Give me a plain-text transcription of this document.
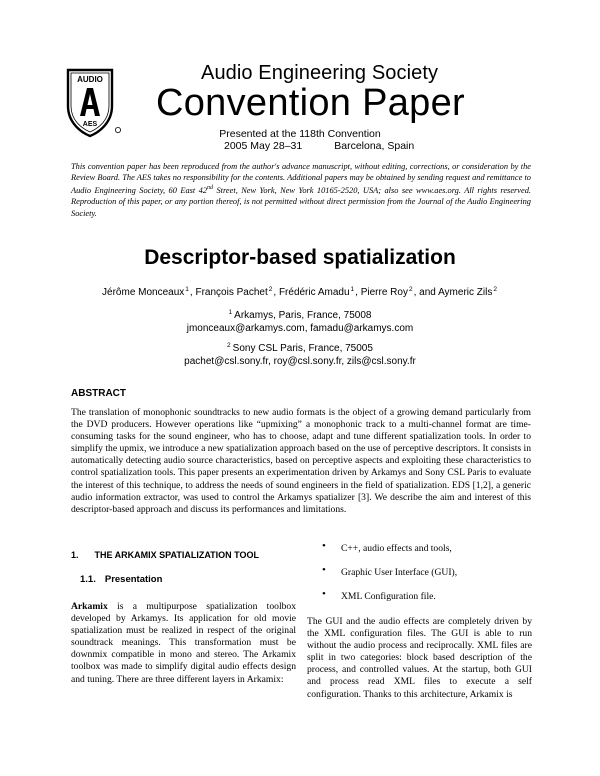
AUDIO
AES
Audio Engineering Society
Convention Paper
Presented at the 118th Convention
2005 May 28–31	Barcelona, Spain
This convention paper has been reproduced from the author's advance manuscript, without editing, corrections, or consideration by the Review Board. The AES takes no responsibility for the contents. Additional papers may be obtained by sending request and remittance to Audio Engineering Society, 60 East 42nd Street, New York, New York 10165-2520, USA; also see www.aes.org. All rights reserved. Reproduction of this paper, or any portion thereof, is not permitted without direct permission from the Journal of the Audio Engineering Society.
Descriptor-based spatialization
Jérôme Monceaux$^1$, François Pachet$^2$, Frédéric Amadu$^1$, Pierre Roy$^2$, and Aymeric Zils$^2$
$^1$ Arkamys, Paris, France, 75008
jmonceaux@arkamys.com, famadu@arkamys.com
$^2$ Sony CSL Paris, France, 75005
pachet@csl.sony.fr, roy@csl.sony.fr, zils@csl.sony.fr
ABSTRACT

The translation of monophonic soundtracks to new audio formats is the object of a growing demand particularly from the DVD producers. However operations like “upmixing” a monophonic track to a multi-channel format are time-consuming tasks for the sound engineer, who has to choose, adapt and tune different spatialization tools. In order to simplify the upmix, we introduce a new spatialization approach based on the use of perceptive descriptors. It consists in automatically detecting audio source characteristics, based on perceptive aspects and exploiting these characteristics to control spatialization tools. This paper presents an experimentation driven by Arkamys and Sony CSL Paris to evaluate the interest of this technique, to address the needs of sound engineers in the field of spatialization. EDS [1,2], a generic audio information extractor, was used to control the Arkamys spatializer [3]. We describe the aim and interest of this descriptor-based approach and discuss its performances and limitations.

1. THE ARKAMIX SPATIALIZATION TOOL
1.1. Presentation

Arkamix is a multipurpose spatialization toolbox developed by Arkamys. Its application for old movie spatialization must be realized in respect of the original soundtrack meanings. This transformation must be downmix compatible in mono and stereo. The Arkamix toolbox was made to simplify digital audio effects design and tuning. There are three different layers in Arkamix:

• C++, audio effects and tools,
• Graphic User Interface (GUI),
• XML Configuration file.

The GUI and the audio effects are completely driven by the XML configuration files. The GUI is able to run without the audio process and reciprocally. XML files are split in two categories: block based description of the process, and controlled values. At the startup, both GUI and process read XML files to execute a self configuration. Thanks to this architecture, Arkamix is
